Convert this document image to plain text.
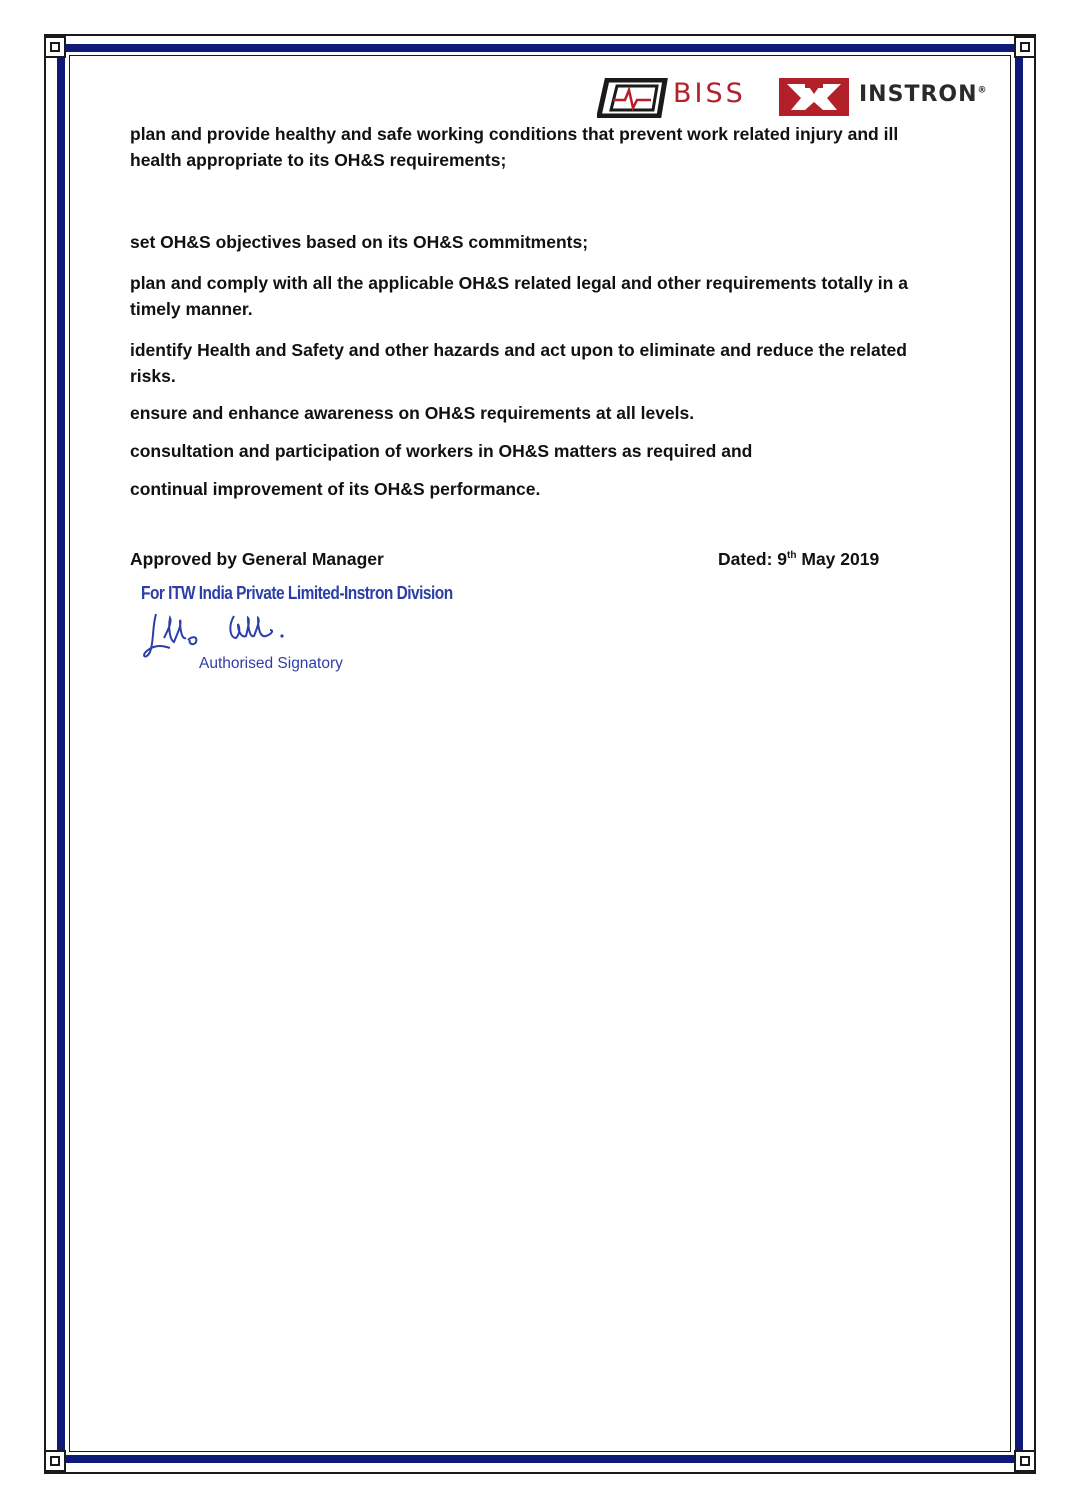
BISS	INSTRON®

plan and provide healthy and safe working conditions that prevent work related injury and ill health appropriate to its OH&S requirements;

set OH&S objectives based on its OH&S commitments;

plan and comply with all the applicable OH&S related legal and other requirements totally in a timely manner.

identify Health and Safety and other hazards and act upon to eliminate and reduce the related risks.

ensure and enhance awareness on OH&S requirements at all levels.

consultation and participation of workers in OH&S matters as required and

continual improvement of its OH&S performance.

Approved by General Manager	Dated: 9th May 2019
For ITW India Private Limited-Instron Division
Authorised Signatory
